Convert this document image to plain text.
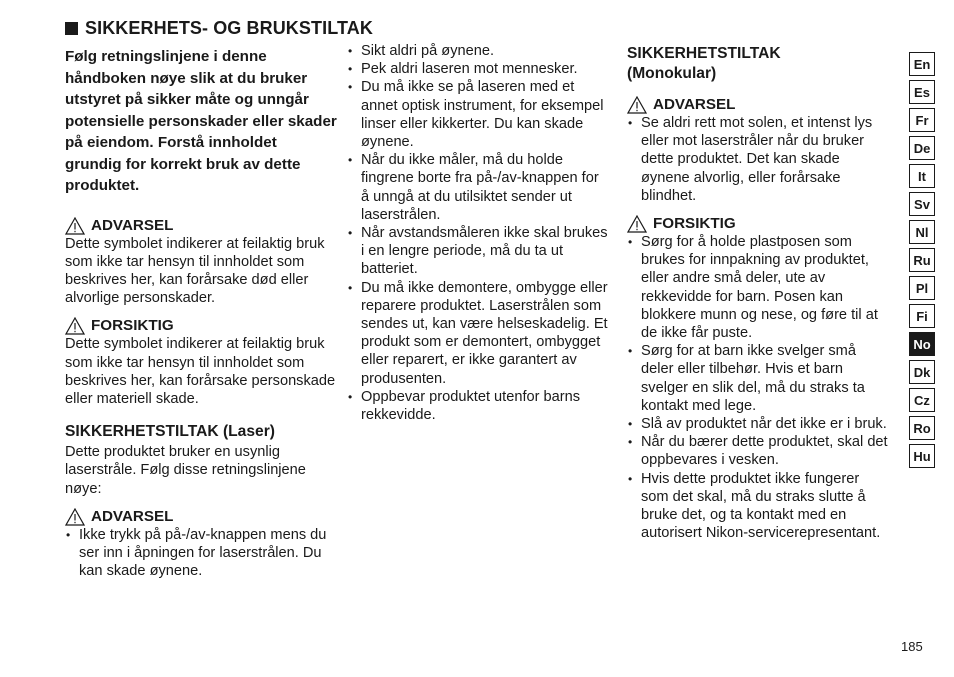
SIKKERHETS- OG BRUKSTILTAK

Følg retningslinjene i denne håndboken nøye slik at du bruker utstyret på sikker måte og unngår potensielle personskader eller skader på eiendom. Forstå innholdet grundig for korrekt bruk av dette produktet.

ADVARSEL

Dette symbolet indikerer at feilaktig bruk som ikke tar hensyn til innholdet som beskrives her, kan forårsake død eller alvorlige personskader.

FORSIKTIG

Dette symbolet indikerer at feilaktig bruk som ikke tar hensyn til innholdet som beskrives her, kan forårsake personskade eller materiell skade.

SIKKERHETSTILTAK (Laser)

Dette produktet bruker en usynlig laserstråle. Følg disse retningslinjene nøye:

ADVARSEL
• Ikke trykk på på-/av-knappen mens du ser inn i åpningen for laserstrålen. Du kan skade øynene.
• Sikt aldri på øynene.
• Pek aldri laseren mot mennesker.
• Du må ikke se på laseren med et annet optisk instrument, for eksempel linser eller kikkerter. Du kan skade øynene.
• Når du ikke måler, må du holde fingrene borte fra på-/av-knappen for å unngå at du utilsiktet sender ut laserstrålen.
• Når avstandsmåleren ikke skal brukes i en lengre periode, må du ta ut batteriet.
• Du må ikke demontere, ombygge eller reparere produktet. Laserstrålen som sendes ut, kan være helseskadelig. Et produkt som er demontert, ombygget eller reparert, er ikke garantert av produsenten.
• Oppbevar produktet utenfor barns rekkevidde.
SIKKERHETSTILTAK
(Monokular)
ADVARSEL
• Se aldri rett mot solen, et intenst lys eller mot laserstråler når du bruker dette produktet. Det kan skade øynene alvorlig, eller forårsake blindhet.
FORSIKTIG
• Sørg for å holde plastposen som brukes for innpakning av produktet, eller andre små deler, ute av rekkevidde for barn. Posen kan blokkere munn og nese, og føre til at de ikke får puste.
• Sørg for at barn ikke svelger små deler eller tilbehør. Hvis et barn svelger en slik del, må du straks ta kontakt med lege.
• Slå av produktet når det ikke er i bruk.
• Når du bærer dette produktet, skal det oppbevares i vesken.
• Hvis dette produktet ikke fungerer som det skal, må du straks slutte å bruke det, og ta kontakt med en autorisert Nikon-servicerepresentant.
En
Es
Fr
De
It
Sv
Nl
Ru
Pl
Fi
No
Dk
Cz
Ro
Hu
185
